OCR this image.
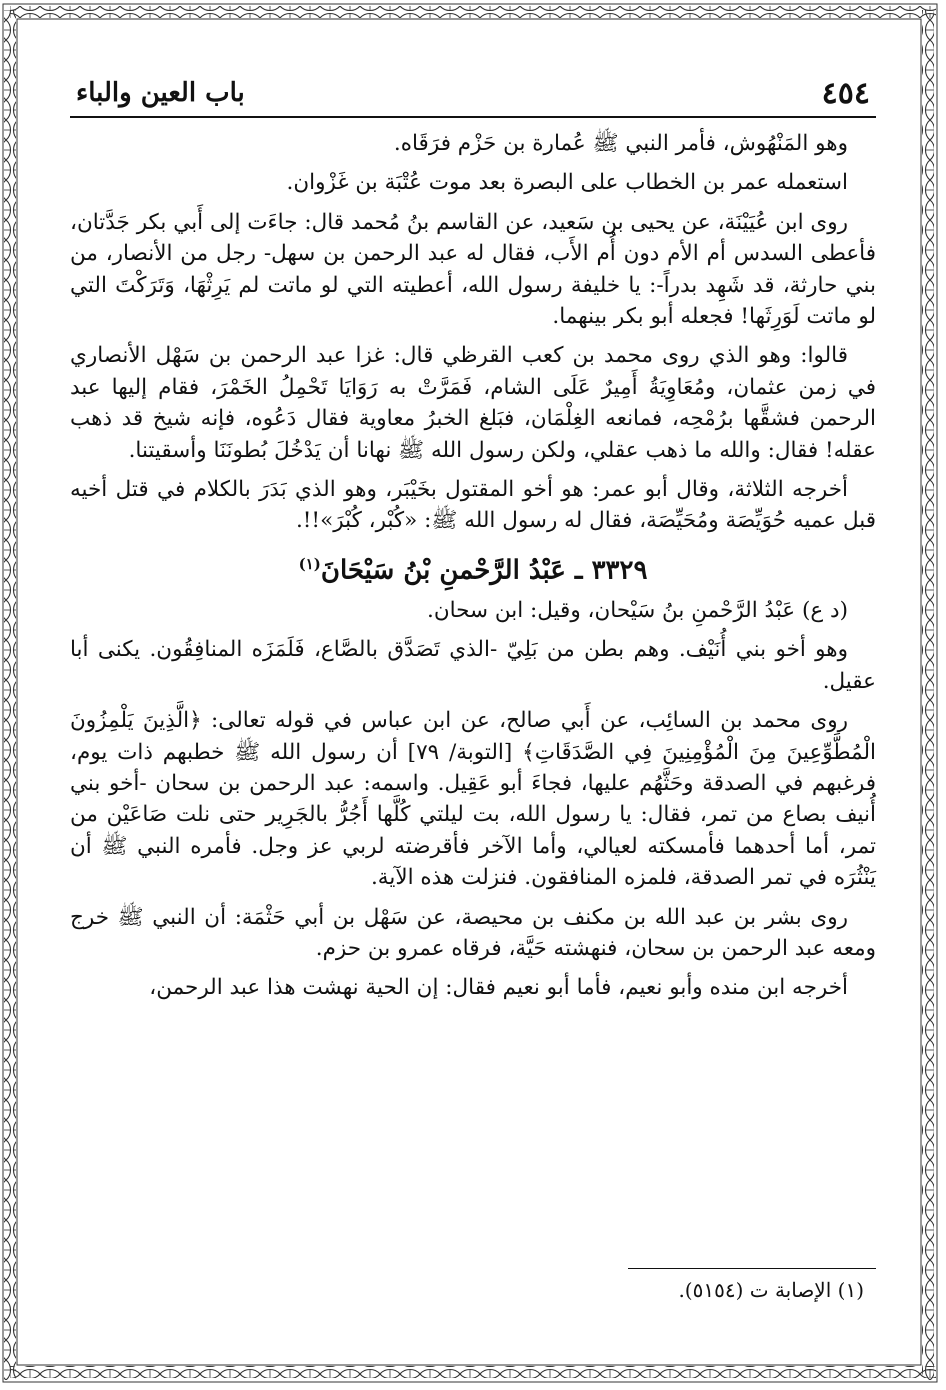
٤٥٤
باب العين والباء

وهو المَنْهُوش، فأمر النبي ﷺ عُمارة بن حَزْم فرَقَاه.

استعمله عمر بن الخطاب على البصرة بعد موت عُتْبَة بن غَزْوان.

روى ابن عُيَيْنَة، عن يحيى بن سَعيد، عن القاسم بنُ مُحمد قال: جاءَت إلى أَبي بكر جَدَّتان، فأعطى السدس أم الأم دون أُم الأَب، فقال له عبد الرحمن بن سهل- رجل من الأنصار، من بني حارثة، قد شَهِد بدراً-: يا خليفة رسول الله، أعطيته التي لو ماتت لم يَرِثْهَا، وَتَرَكْتَ التي لو ماتت لَوَرِثَها! فجعله أبو بكر بينهما.

قالوا: وهو الذي روى محمد بن كعب القرظي قال: غزا عبد الرحمن بن سَهْل الأنصاري في زمن عثمان، ومُعَاوِيَةُ أَمِيرٌ عَلَى الشام، فَمَرَّتْ به رَوَايَا تَحْمِلُ الخَمْرَ، فقام إليها عبد الرحمن فشقَّها برُمْحِه، فمانعه الغِلْمَان، فبَلغ الخبرُ معاوية فقال دَعُوه، فإنه شيخ قد ذهب عقله! فقال: والله ما ذهب عقلي، ولكن رسول الله ﷺ نهانا أن يَدْخُلَ بُطونَنَا وأسقيتنا.

أخرجه الثلاثة، وقال أبو عمر: هو أخو المقتول بخَيْبَر، وهو الذي بَدَرَ بالكلام في قتل أخيه قبل عميه حُوَيِّصَة ومُحَيِّصَة، فقال له رسول الله ﷺ: «كُبْر، كُبْرَ»!!.

٣٣٢٩ ـ عَبْدُ الرَّحْمنِ بْنُ سَيْحَانَ$^{(١)}$

(د ع) عَبْدُ الرَّحْمنِ بنُ سَيْحان، وقيل: ابن سحان.

وهو أخو بني أُنَيْف. وهم بطن من بَلِيّ -الذي تَصَدَّق بالصَّاع، فَلَمَزَه المنافِقُون. يكنى أبا عقيل.

روى محمد بن السائِب، عن أَبي صالح، عن ابن عباس في قوله تعالى: ﴿الَّذِينَ يَلْمِزُونَ الْمُطَّوِّعِينَ مِنَ الْمُؤْمِنِينَ فِي الصَّدَقَاتِ﴾ [التوبة/ ٧٩] أن رسول الله ﷺ خطبهم ذات يوم، فرغبهم في الصدقة وحَثَّهُم عليها، فجاءَ أبو عَقِيل. واسمه: عبد الرحمن بن سحان -أخو بني أُنيف بصاع من تمر، فقال: يا رسول الله، بت ليلتي كُلَّها أَجُرُّ بالجَرِير حتى نلت صَاعَيْن من تمر، أما أحدهما فأمسكته لعيالي، وأما الآخر فأقرضته لربي عز وجل. فأمره النبي ﷺ أن يَنْثُرَه في تمر الصدقة، فلمزه المنافقون. فنزلت هذه الآية.

روى بشر بن عبد الله بن مكنف بن محيصة، عن سَهْل بن أبي حَثْمَة: أن النبي ﷺ خرج ومعه عبد الرحمن بن سحان، فنهشته حَيَّة، فرقاه عمرو بن حزم.

أخرجه ابن منده وأبو نعيم، فأما أبو نعيم فقال: إن الحية نهشت هذا عبد الرحمن،

(١) الإصابة ت (٥١٥٤).
